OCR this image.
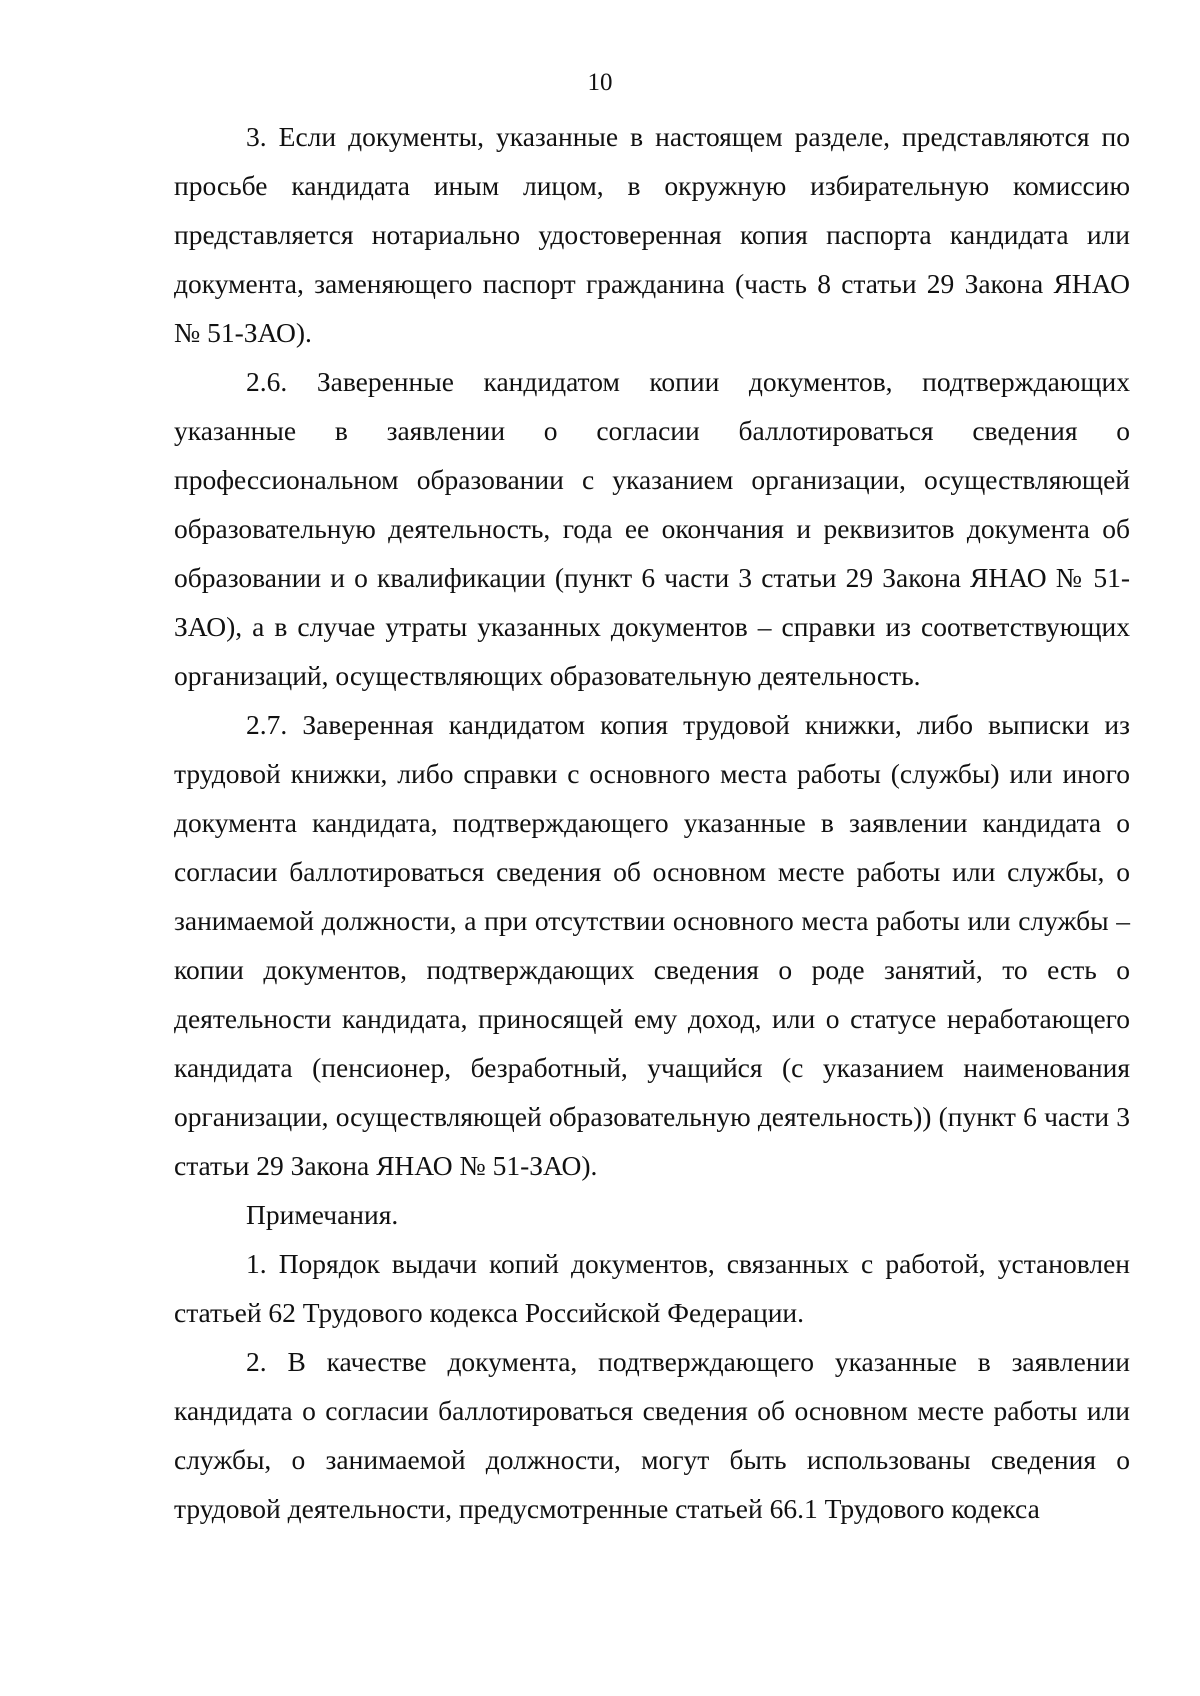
10

3. Если документы, указанные в настоящем разделе, представляются по просьбе кандидата иным лицом, в окружную избирательную комиссию представляется нотариально удостоверенная копия паспорта кандидата или документа, заменяющего паспорт гражданина (часть 8 статьи 29 Закона ЯНАО № 51-ЗАО).

2.6. Заверенные кандидатом копии документов, подтверждающих указанные в заявлении о согласии баллотироваться сведения о профессиональном образовании с указанием организации, осуществляющей образовательную деятельность, года ее окончания и реквизитов документа об образовании и о квалификации (пункт 6 части 3 статьи 29 Закона ЯНАО № 51-ЗАО), а в случае утраты указанных документов – справки из соответствующих организаций, осуществляющих образовательную деятельность.

2.7. Заверенная кандидатом копия трудовой книжки, либо выписки из трудовой книжки, либо справки с основного места работы (службы) или иного документа кандидата, подтверждающего указанные в заявлении кандидата о согласии баллотироваться сведения об основном месте работы или службы, о занимаемой должности, а при отсутствии основного места работы или службы – копии документов, подтверждающих сведения о роде занятий, то есть о деятельности кандидата, приносящей ему доход, или о статусе неработающего кандидата (пенсионер, безработный, учащийся (с указанием наименования организации, осуществляющей образовательную деятельность)) (пункт 6 части 3 статьи 29 Закона ЯНАО № 51-ЗАО).

Примечания.

1. Порядок выдачи копий документов, связанных с работой, установлен статьей 62 Трудового кодекса Российской Федерации.

2. В качестве документа, подтверждающего указанные в заявлении кандидата о согласии баллотироваться сведения об основном месте работы или службы, о занимаемой должности, могут быть использованы сведения о трудовой деятельности, предусмотренные статьей 66.1 Трудового кодекса
